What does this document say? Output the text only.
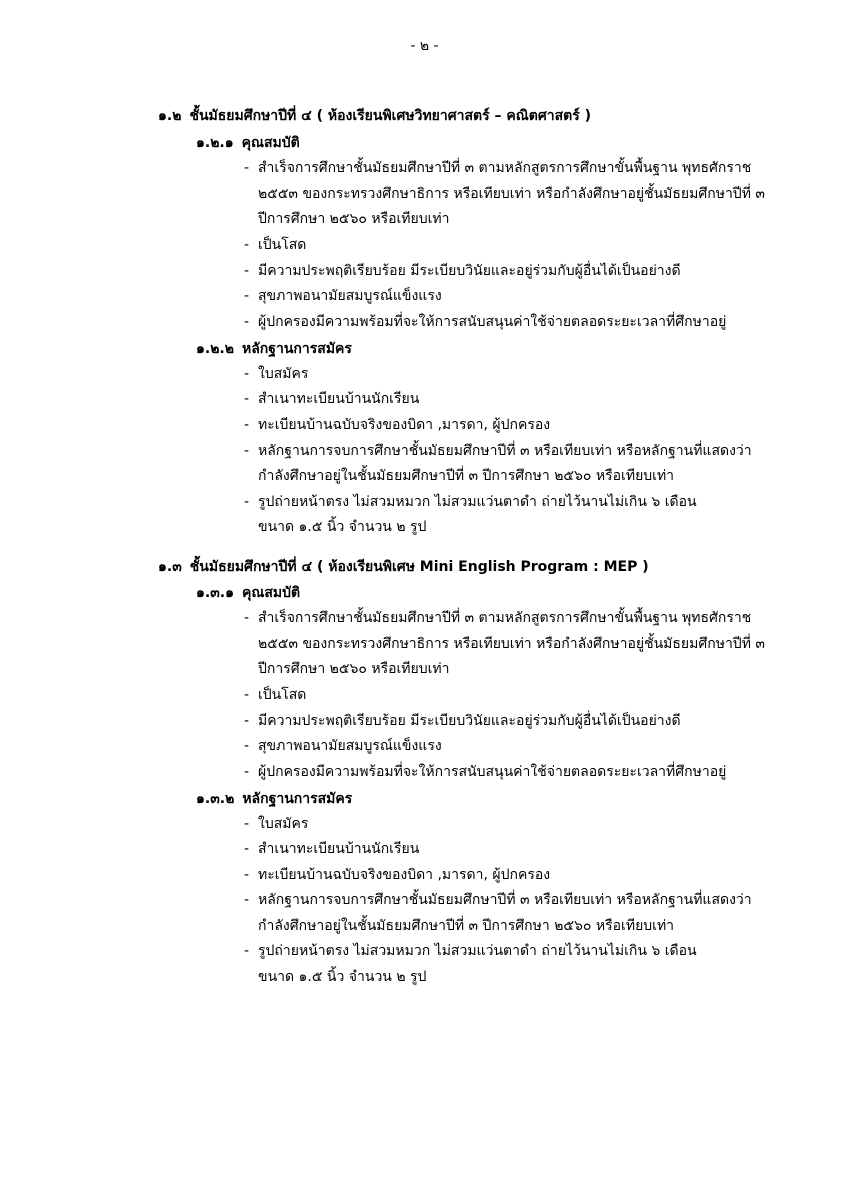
- ๒ -
๑.๒ ชั้นมัธยมศึกษาปีที่ ๔ ( ห้องเรียนพิเศษวิทยาศาสตร์ – คณิตศาสตร์ )
๑.๒.๑ คุณสมบัติ
- สำเร็จการศึกษาชั้นมัธยมศึกษาปีที่ ๓ ตามหลักสูตรการศึกษาขั้นพื้นฐาน พุทธศักราช
๒๕๕๓ ของกระทรวงศึกษาธิการ หรือเทียบเท่า หรือกำลังศึกษาอยู่ชั้นมัธยมศึกษาปีที่ ๓
ปีการศึกษา ๒๕๖๐ หรือเทียบเท่า
- เป็นโสด
- มีความประพฤติเรียบร้อย มีระเบียบวินัยและอยู่ร่วมกับผู้อื่นได้เป็นอย่างดี
- สุขภาพอนามัยสมบูรณ์แข็งแรง
- ผู้ปกครองมีความพร้อมที่จะให้การสนับสนุนค่าใช้จ่ายตลอดระยะเวลาที่ศึกษาอยู่
๑.๒.๒ หลักฐานการสมัคร
- ใบสมัคร
- สำเนาทะเบียนบ้านนักเรียน
- ทะเบียนบ้านฉบับจริงของบิดา ,มารดา, ผู้ปกครอง
- หลักฐานการจบการศึกษาชั้นมัธยมศึกษาปีที่ ๓ หรือเทียบเท่า หรือหลักฐานที่แสดงว่า
กำลังศึกษาอยู่ในชั้นมัธยมศึกษาปีที่ ๓ ปีการศึกษา ๒๕๖๐ หรือเทียบเท่า
- รูปถ่ายหน้าตรง ไม่สวมหมวก ไม่สวมแว่นตาดำ ถ่ายไว้นานไม่เกิน ๖ เดือน
ขนาด ๑.๕ นิ้ว จำนวน ๒ รูป
๑.๓ ชั้นมัธยมศึกษาปีที่ ๔ ( ห้องเรียนพิเศษ Mini English Program : MEP )
๑.๓.๑ คุณสมบัติ
- สำเร็จการศึกษาชั้นมัธยมศึกษาปีที่ ๓ ตามหลักสูตรการศึกษาขั้นพื้นฐาน พุทธศักราช
๒๕๕๓ ของกระทรวงศึกษาธิการ หรือเทียบเท่า หรือกำลังศึกษาอยู่ชั้นมัธยมศึกษาปีที่ ๓
ปีการศึกษา ๒๕๖๐ หรือเทียบเท่า
- เป็นโสด
- มีความประพฤติเรียบร้อย มีระเบียบวินัยและอยู่ร่วมกับผู้อื่นได้เป็นอย่างดี
- สุขภาพอนามัยสมบูรณ์แข็งแรง
- ผู้ปกครองมีความพร้อมที่จะให้การสนับสนุนค่าใช้จ่ายตลอดระยะเวลาที่ศึกษาอยู่
๑.๓.๒ หลักฐานการสมัคร
- ใบสมัคร
- สำเนาทะเบียนบ้านนักเรียน
- ทะเบียนบ้านฉบับจริงของบิดา ,มารดา, ผู้ปกครอง
- หลักฐานการจบการศึกษาชั้นมัธยมศึกษาปีที่ ๓ หรือเทียบเท่า หรือหลักฐานที่แสดงว่า
กำลังศึกษาอยู่ในชั้นมัธยมศึกษาปีที่ ๓ ปีการศึกษา ๒๕๖๐ หรือเทียบเท่า
- รูปถ่ายหน้าตรง ไม่สวมหมวก ไม่สวมแว่นตาดำ ถ่ายไว้นานไม่เกิน ๖ เดือน
ขนาด ๑.๕ นิ้ว จำนวน ๒ รูป
